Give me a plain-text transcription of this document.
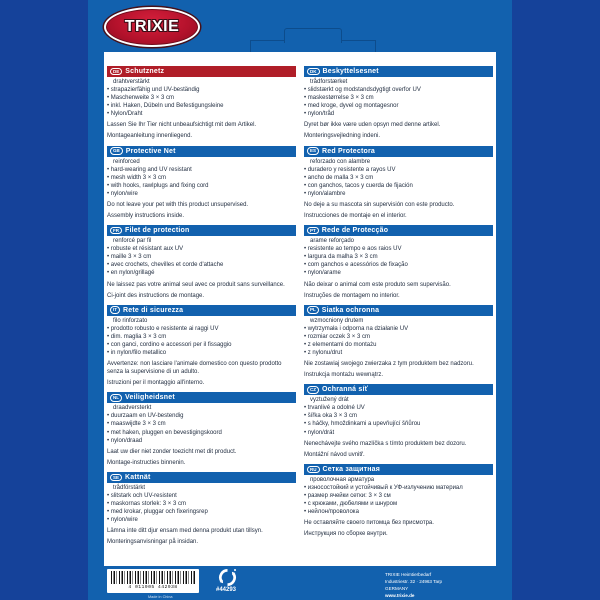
TRIXIE
DE Schutznetz
drahtverstärkt
• strapazierfähig und UV-beständig
• Maschenweite 3 × 3 cm
• inkl. Haken, Dübeln und Befestigungsleine
• Nylon/Draht
Lassen Sie Ihr Tier nicht unbeaufsichtigt mit dem Artikel.
Montageanleitung innenliegend.
GB Protective Net
reinforced
• hard-wearing and UV resistant
• mesh width 3 × 3 cm
• with hooks, rawlplugs and fixing cord
• nylon/wire
Do not leave your pet with this product unsupervised.
Assembly instructions inside.
FR Filet de protection
renforcé par fil
• robuste et résistant aux UV
• maille 3 × 3 cm
• avec crochets, chevilles et corde d'attache
• en nylon/grillagé
Ne laissez pas votre animal seul avec ce produit sans surveillance.
Ci-joint des instructions de montage.
IT Rete di sicurezza
filo rinforzato
• prodotto robusto e resistente ai raggi UV
• dim. maglia 3 × 3 cm
• con ganci, cordino e accessori per il fissaggio
• in nylon/filo metallico
Avvertenze: non lasciare l'animale domestico con questo prodotto senza la supervisione di un adulto.
Istruzioni per il montaggio all'interno.
NL Veiligheidsnet
draadversterkt
• duurzaam en UV-bestendig
• maaswijdte 3 × 3 cm
• met haken, pluggen en bevestigingskoord
• nylon/draad
Laat uw dier niet zonder toezicht met dit product.
Montage-instructies binnenin.
SE Kattnät
trådförstärkt
• slitstark och UV-resistent
• maskornas storlek: 3 × 3 cm
• med krokar, pluggar och fixeringsrep
• nylon/wire
Lämna inte ditt djur ensam med denna produkt utan tillsyn.
Monteringsanvisningar på insidan.
DK Beskyttelsesnet
trådforstærket
• slidstærkt og modstandsdygtigt overfor UV
• maskestørrelse 3 × 3 cm
• med kroge, dyvel og montagesnor
• nylon/tråd
Dyret bør ikke være uden opsyn med denne artikel.
Monteringsvejledning indeni.
ES Red Protectora
reforzado con alambre
• duradero y resistente a rayos UV
• ancho de malla 3 × 3 cm
• con ganchos, tacos y cuerda de fijación
• nylon/alambre
No deje a su mascota sin supervisión con este producto.
Instrucciones de montaje en el interior.
PT Rede de Protecção
arame reforçado
• resistente ao tempo e aos raios UV
• largura da malha 3 × 3 cm
• com ganchos e acessórios de fixação
• nylon/arame
Não deixar o animal com este produto sem supervisão.
Instruções de montagem no interior.
PL Siatka ochronna
wzmocniony drutem
• wytrzymała i odporna na działanie UV
• rozmiar oczek 3 × 3 cm
• z elementami do montażu
• z nylonu/drut
Nie zostawiaj swojego zwierzaka z tym produktem bez nadzoru.
Instrukcja montażu wewnątrz.
CZ Ochranná síť
vyztužený drát
• trvanlivé a odolné UV
• šířka oka 3 × 3 cm
• s háčky, hmoždinkami a upevňující šňůrou
• nylon/drát
Nenechávejte svého mazlíčka s tímto produktem bez dozoru.
Montážní návod uvnitř.
RU Сетка защитная
проволочная арматура
• износостойкий и устойчивый к УФ-излучению материал
• размер ячейки сетки: 3 × 3 см
• с крюками, дюбелями и шнуром
• нейлон/проволока
Не оставляйте своего питомца без присмотра.
Инструкция по сборке внутри.
4 011905 442938
Made in China
#44293
TRIXIE Heimtierbedarf
Industriestr. 32 · 24963 Tarp
GERMANY
www.trixie.de
